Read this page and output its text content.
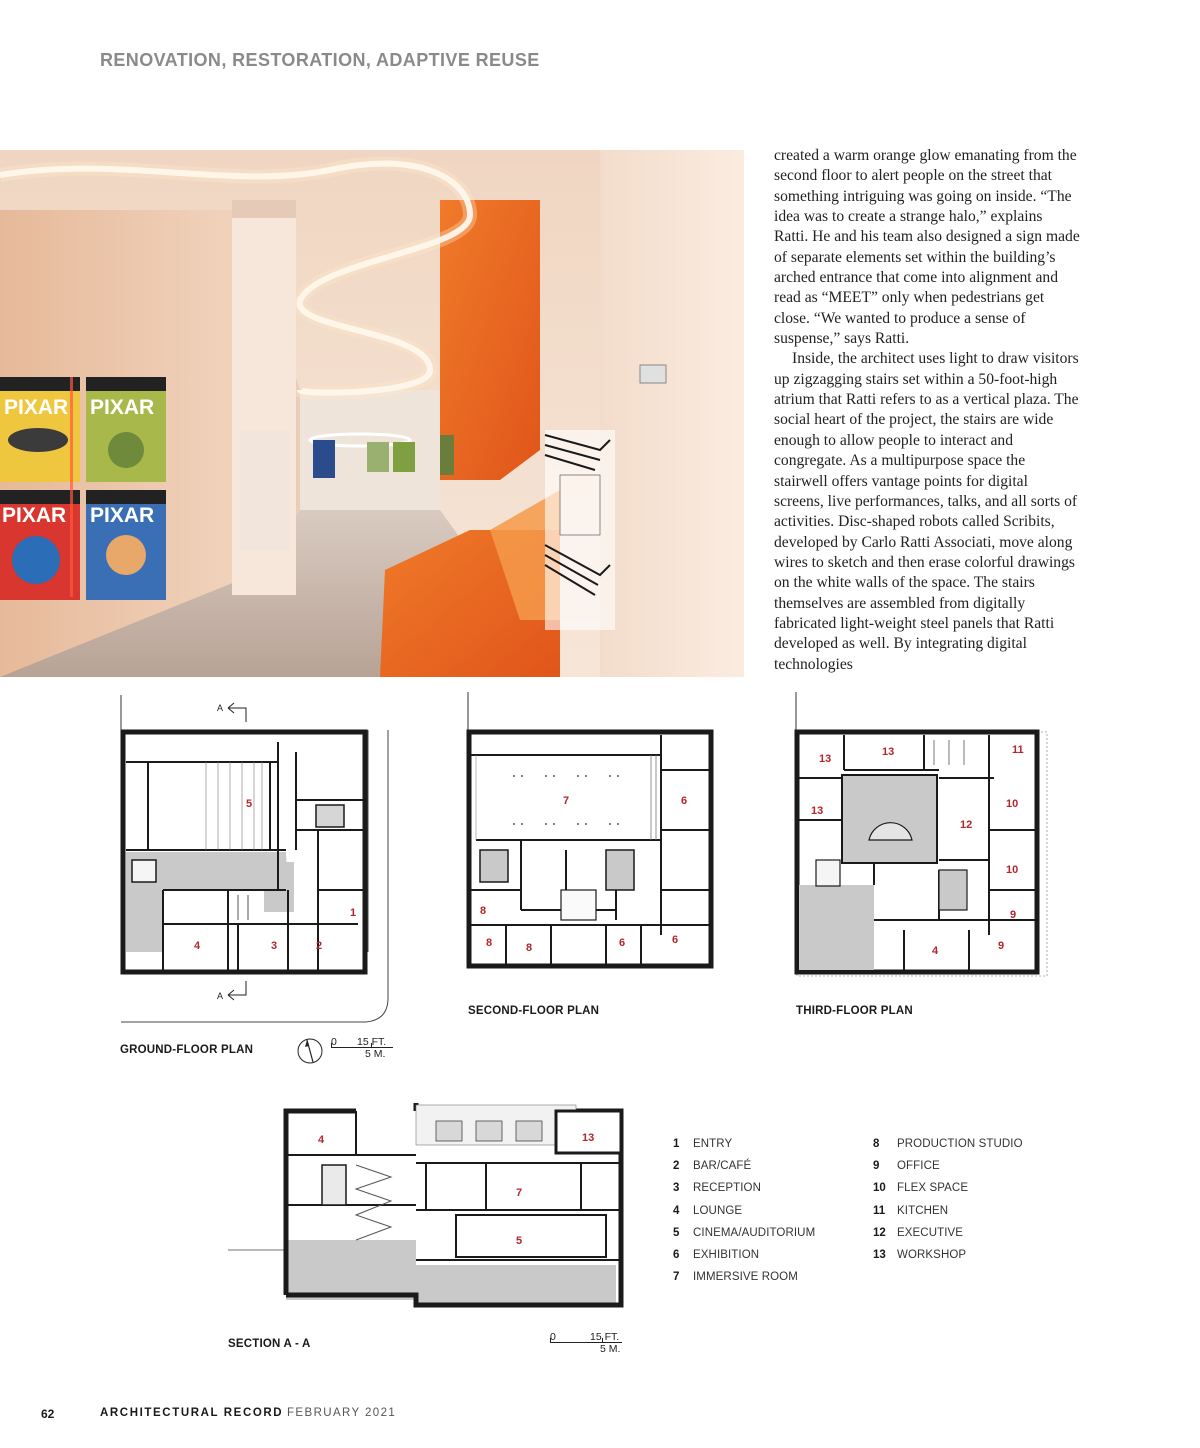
RENOVATION, RESTORATION, ADAPTIVE REUSE
PIXAR PIXAR
PIXAR PIXAR

created a warm orange glow emanating from the second floor to alert people on the street that something intriguing was going on inside. “The idea was to create a strange halo,” explains Ratti. He and his team also designed a sign made of separate elements set within the building’s arched entrance that come into alignment and read as “MEET” only when pedestrians get close. “We wanted to produce a sense of suspense,” says Ratti.

Inside, the architect uses light to draw visitors up zigzagging stairs set within a 50-foot-high atrium that Ratti refers to as a vertical plaza. The social heart of the project, the stairs are wide enough to allow people to interact and congregate. As a multipurpose space the stairwell offers vantage points for digital screens, live performances, talks, and all sorts of activities. Disc-shaped robots called Scribits, developed by Carlo Ratti Associati, move along wires to sketch and then erase colorful drawings on the white walls of the space. The stairs themselves are assembled from digitally fabricated light-weight steel panels that Ratti developed as well. By integrating digital technologies

A
5
1
4	3	2
A
GROUND-FLOOR PLAN
0 15 FT.
5 M.
7	6
8
8	8	6	6
SECOND-FLOOR PLAN
13
13	11
13
10
12
10
9
4	9
THIRD-FLOOR PLAN
4	13
7
5
SECTION A - A
0	15 FT.
5 M.
1	ENTRY
2	BAR/CAFÉ
3	RECEPTION
4	LOUNGE
5	CINEMA/AUDITORIUM
6	EXHIBITION
7	IMMERSIVE ROOM
8	PRODUCTION STUDIO
9	OFFICE
10 FLEX SPACE
11	KITCHEN
12 EXECUTIVE
13 WORKSHOP
62	ARCHITECTURAL RECORD FEBRUARY 2021
